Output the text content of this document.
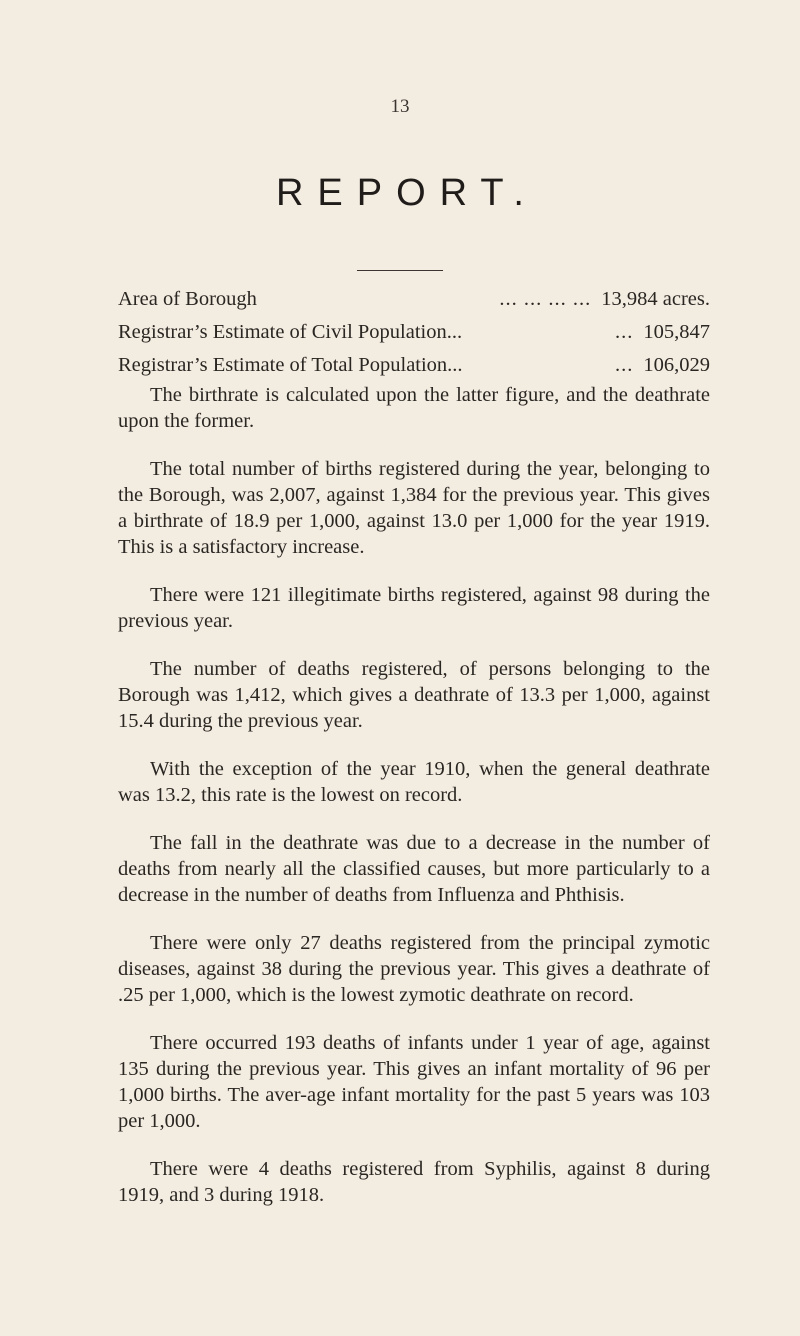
13
REPORT.
Area of Borough	... ... ... ... 13,984 acres.
Registrar’s Estimate of Civil Population...	... 105,847
Registrar’s Estimate of Total Population...	... 106,029

The birthrate is calculated upon the latter figure, and the deathrate upon the former.

The total number of births registered during the year, belonging to the Borough, was 2,007, against 1,384 for the previous year. This gives a birthrate of 18.9 per 1,000, against 13.0 per 1,000 for the year 1919. This is a satisfactory increase.

There were 121 illegitimate births registered, against 98 during the previous year.

The number of deaths registered, of persons belonging to the Borough was 1,412, which gives a deathrate of 13.3 per 1,000, against 15.4 during the previous year.

With the exception of the year 1910, when the general deathrate was 13.2, this rate is the lowest on record.

The fall in the deathrate was due to a decrease in the number of deaths from nearly all the classified causes, but more particularly to a decrease in the number of deaths from Influenza and Phthisis.

There were only 27 deaths registered from the principal zymotic diseases, against 38 during the previous year. This gives a deathrate of .25 per 1,000, which is the lowest zymotic deathrate on record.

There occurred 193 deaths of infants under 1 year of age, against 135 during the previous year. This gives an infant mortality of 96 per 1,000 births. The aver-age infant mortality for the past 5 years was 103 per 1,000.

There were 4 deaths registered from Syphilis, against 8 during 1919, and 3 during 1918.
